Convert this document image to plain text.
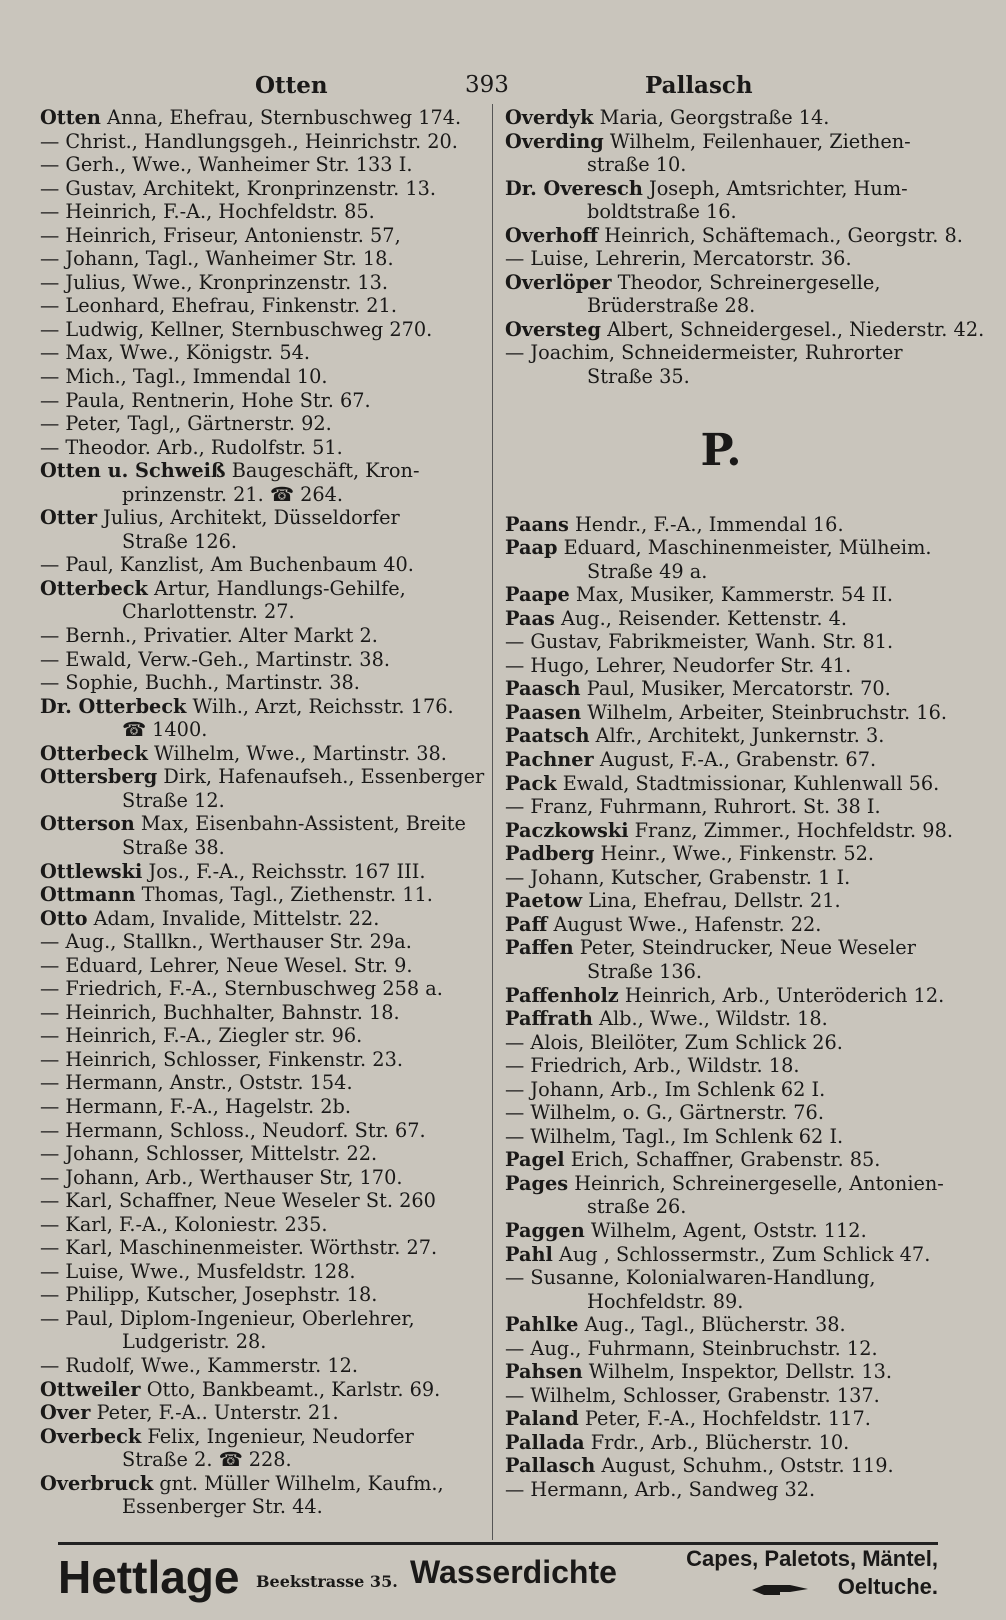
Otten	393	Pallasch
Otten Anna, Ehefrau, Sternbuschweg 174.
— Christ., Handlungsgeh., Heinrichstr. 20.
— Gerh., Wwe., Wanheimer Str. 133 I.
— Gustav, Architekt, Kronprinzenstr. 13.
— Heinrich, F.-A., Hochfeldstr. 85.
— Heinrich, Friseur, Antonienstr. 57,
— Johann, Tagl., Wanheimer Str. 18.
— Julius, Wwe., Kronprinzenstr. 13.
— Leonhard, Ehefrau, Finkenstr. 21.
— Ludwig, Kellner, Sternbuschweg 270.
— Max, Wwe., Königstr. 54.
— Mich., Tagl., Immendal 10.
— Paula, Rentnerin, Hohe Str. 67.
— Peter, Tagl,, Gärtnerstr. 92.
— Theodor. Arb., Rudolfstr. 51.
Otten u. Schweiß Baugeschäft, Kron-
prinzenstr. 21. ☎ 264.
Otter Julius, Architekt, Düsseldorfer
Straße 126.
— Paul, Kanzlist, Am Buchenbaum 40.
Otterbeck Artur, Handlungs-Gehilfe,
Charlottenstr. 27.
— Bernh., Privatier. Alter Markt 2.
— Ewald, Verw.-Geh., Martinstr. 38.
— Sophie, Buchh., Martinstr. 38.
Dr. Otterbeck Wilh., Arzt, Reichsstr. 176.
☎ 1400.
Otterbeck Wilhelm, Wwe., Martinstr. 38.
Ottersberg Dirk, Hafenaufseh., Essenberger
Straße 12.
Otterson Max, Eisenbahn-Assistent, Breite
Straße 38.
Ottlewski Jos., F.-A., Reichsstr. 167 III.
Ottmann Thomas, Tagl., Ziethenstr. 11.
Otto Adam, Invalide, Mittelstr. 22.
— Aug., Stallkn., Werthauser Str. 29a.
— Eduard, Lehrer, Neue Wesel. Str. 9.
— Friedrich, F.-A., Sternbuschweg 258 a.
— Heinrich, Buchhalter, Bahnstr. 18.
— Heinrich, F.-A., Ziegler str. 96.
— Heinrich, Schlosser, Finkenstr. 23.
— Hermann, Anstr., Oststr. 154.
— Hermann, F.-A., Hagelstr. 2b.
— Hermann, Schloss., Neudorf. Str. 67.
— Johann, Schlosser, Mittelstr. 22.
— Johann, Arb., Werthauser Str, 170.
— Karl, Schaffner, Neue Weseler St. 260
— Karl, F.-A., Koloniestr. 235.
— Karl, Maschinenmeister. Wörthstr. 27.
— Luise, Wwe., Musfeldstr. 128.
— Philipp, Kutscher, Josephstr. 18.
— Paul, Diplom-Ingenieur, Oberlehrer,
Ludgeristr. 28.
— Rudolf, Wwe., Kammerstr. 12.
Ottweiler Otto, Bankbeamt., Karlstr. 69.
Over Peter, F.-A.. Unterstr. 21.
Overbeck Felix, Ingenieur, Neudorfer
Straße 2. ☎ 228.
Overbruck gnt. Müller Wilhelm, Kaufm.,
Essenberger Str. 44.
Overdyk Maria, Georgstraße 14.
Overding Wilhelm, Feilenhauer, Ziethen-
straße 10.
Dr. Overesch Joseph, Amtsrichter, Hum-
boldtstraße 16.
Overhoff Heinrich, Schäftemach., Georgstr. 8.
— Luise, Lehrerin, Mercatorstr. 36.
Overlöper Theodor, Schreinergeselle,
Brüderstraße 28.
Oversteg Albert, Schneidergesel., Niederstr. 42.
— Joachim, Schneidermeister, Ruhrorter
Straße 35.
P.
Paans Hendr., F.-A., Immendal 16.
Paap Eduard, Maschinenmeister, Mülheim.
Straße 49 a.
Paape Max, Musiker, Kammerstr. 54 II.
Paas Aug., Reisender. Kettenstr. 4.
— Gustav, Fabrikmeister, Wanh. Str. 81.
— Hugo, Lehrer, Neudorfer Str. 41.
Paasch Paul, Musiker, Mercatorstr. 70.
Paasen Wilhelm, Arbeiter, Steinbruchstr. 16.
Paatsch Alfr., Architekt, Junkernstr. 3.
Pachner August, F.-A., Grabenstr. 67.
Pack Ewald, Stadtmissionar, Kuhlenwall 56.
— Franz, Fuhrmann, Ruhrort. St. 38 I.
Paczkowski Franz, Zimmer., Hochfeldstr. 98.
Padberg Heinr., Wwe., Finkenstr. 52.
— Johann, Kutscher, Grabenstr. 1 I.
Paetow Lina, Ehefrau, Dellstr. 21.
Paff August Wwe., Hafenstr. 22.
Paffen Peter, Steindrucker, Neue Weseler
Straße 136.
Paffenholz Heinrich, Arb., Unteröderich 12.
Paffrath Alb., Wwe., Wildstr. 18.
— Alois, Bleilöter, Zum Schlick 26.
— Friedrich, Arb., Wildstr. 18.
— Johann, Arb., Im Schlenk 62 I.
— Wilhelm, o. G., Gärtnerstr. 76.
— Wilhelm, Tagl., Im Schlenk 62 I.
Pagel Erich, Schaffner, Grabenstr. 85.
Pages Heinrich, Schreinergeselle, Antonien-
straße 26.
Paggen Wilhelm, Agent, Oststr. 112.
Pahl Aug , Schlossermstr., Zum Schlick 47.
— Susanne, Kolonialwaren-Handlung,
Hochfeldstr. 89.
Pahlke Aug., Tagl., Blücherstr. 38.
— Aug., Fuhrmann, Steinbruchstr. 12.
Pahsen Wilhelm, Inspektor, Dellstr. 13.
— Wilhelm, Schlosser, Grabenstr. 137.
Paland Peter, F.-A., Hochfeldstr. 117.
Pallada Frdr., Arb., Blücherstr. 10.
Pallasch August, Schuhm., Oststr. 119.
— Hermann, Arb., Sandweg 32.
Hettlage Beekstrasse 35. Wasserdichte	Capes, Paletots, Mäntel,
Oeltuche.
